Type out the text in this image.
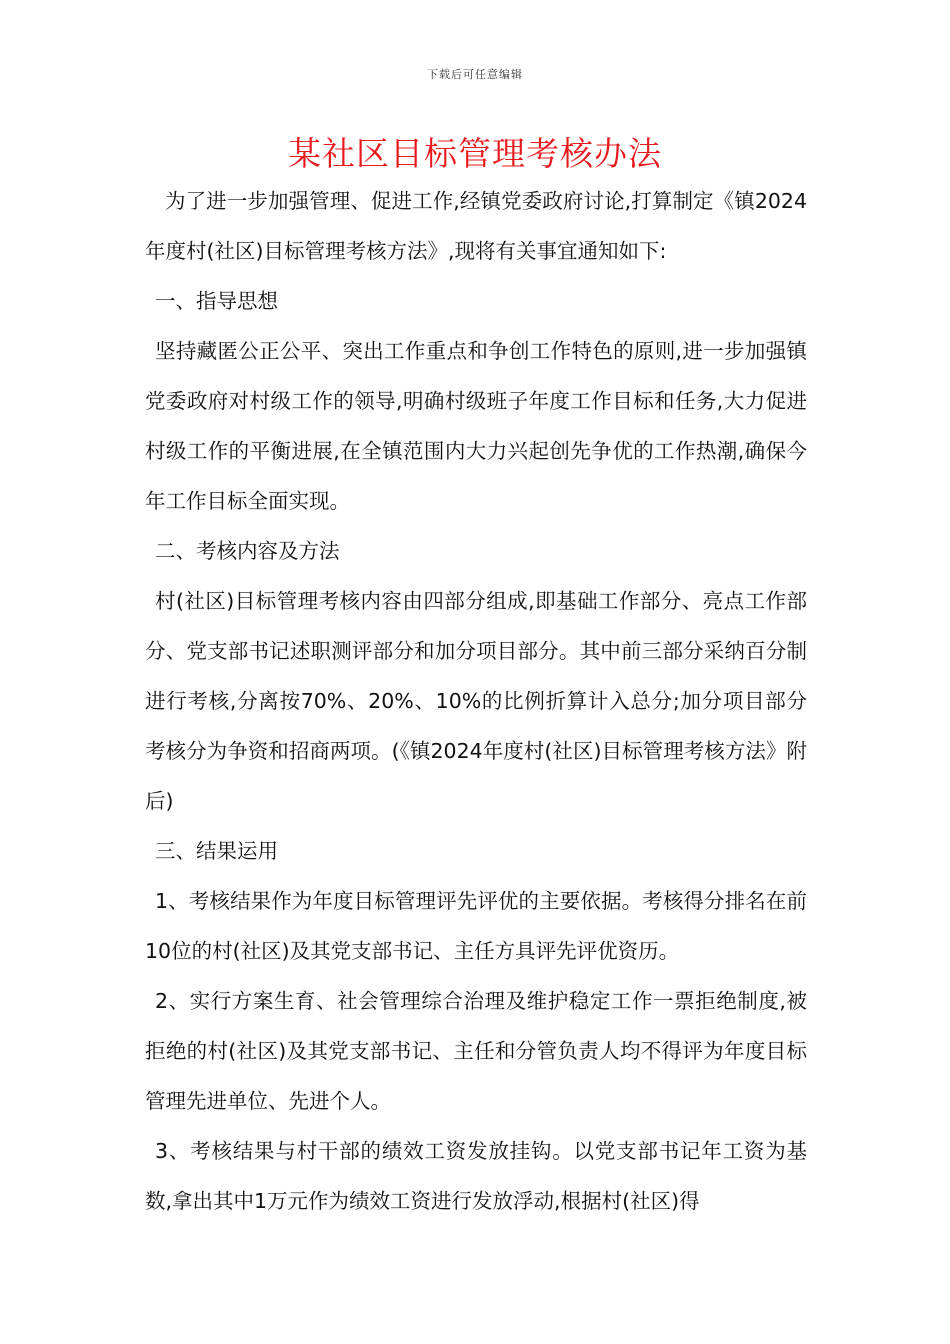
下载后可任意编辑
某社区目标管理考核办法

为了进一步加强管理、促进工作,经镇党委政府讨论,打算制定《镇2024年度村(社区)目标管理考核方法》,现将有关事宜通知如下:

一、指导思想

坚持藏匿公正公平、突出工作重点和争创工作特色的原则,进一步加强镇党委政府对村级工作的领导,明确村级班子年度工作目标和任务,大力促进村级工作的平衡进展,在全镇范围内大力兴起创先争优的工作热潮,确保今年工作目标全面实现。

二、考核内容及方法

村(社区)目标管理考核内容由四部分组成,即基础工作部分、亮点工作部分、党支部书记述职测评部分和加分项目部分。其中前三部分采纳百分制进行考核,分离按70%、20%、10%的比例折算计入总分;加分项目部分考核分为争资和招商两项。(《镇2024年度村(社区)目标管理考核方法》附后)

三、结果运用

1、考核结果作为年度目标管理评先评优的主要依据。考核得分排名在前10位的村(社区)及其党支部书记、主任方具评先评优资历。

2、实行方案生育、社会管理综合治理及维护稳定工作一票拒绝制度,被拒绝的村(社区)及其党支部书记、主任和分管负责人均不得评为年度目标管理先进单位、先进个人。

3、考核结果与村干部的绩效工资发放挂钩。以党支部书记年工资为基数,拿出其中1万元作为绩效工资进行发放浮动,根据村(社区)得
